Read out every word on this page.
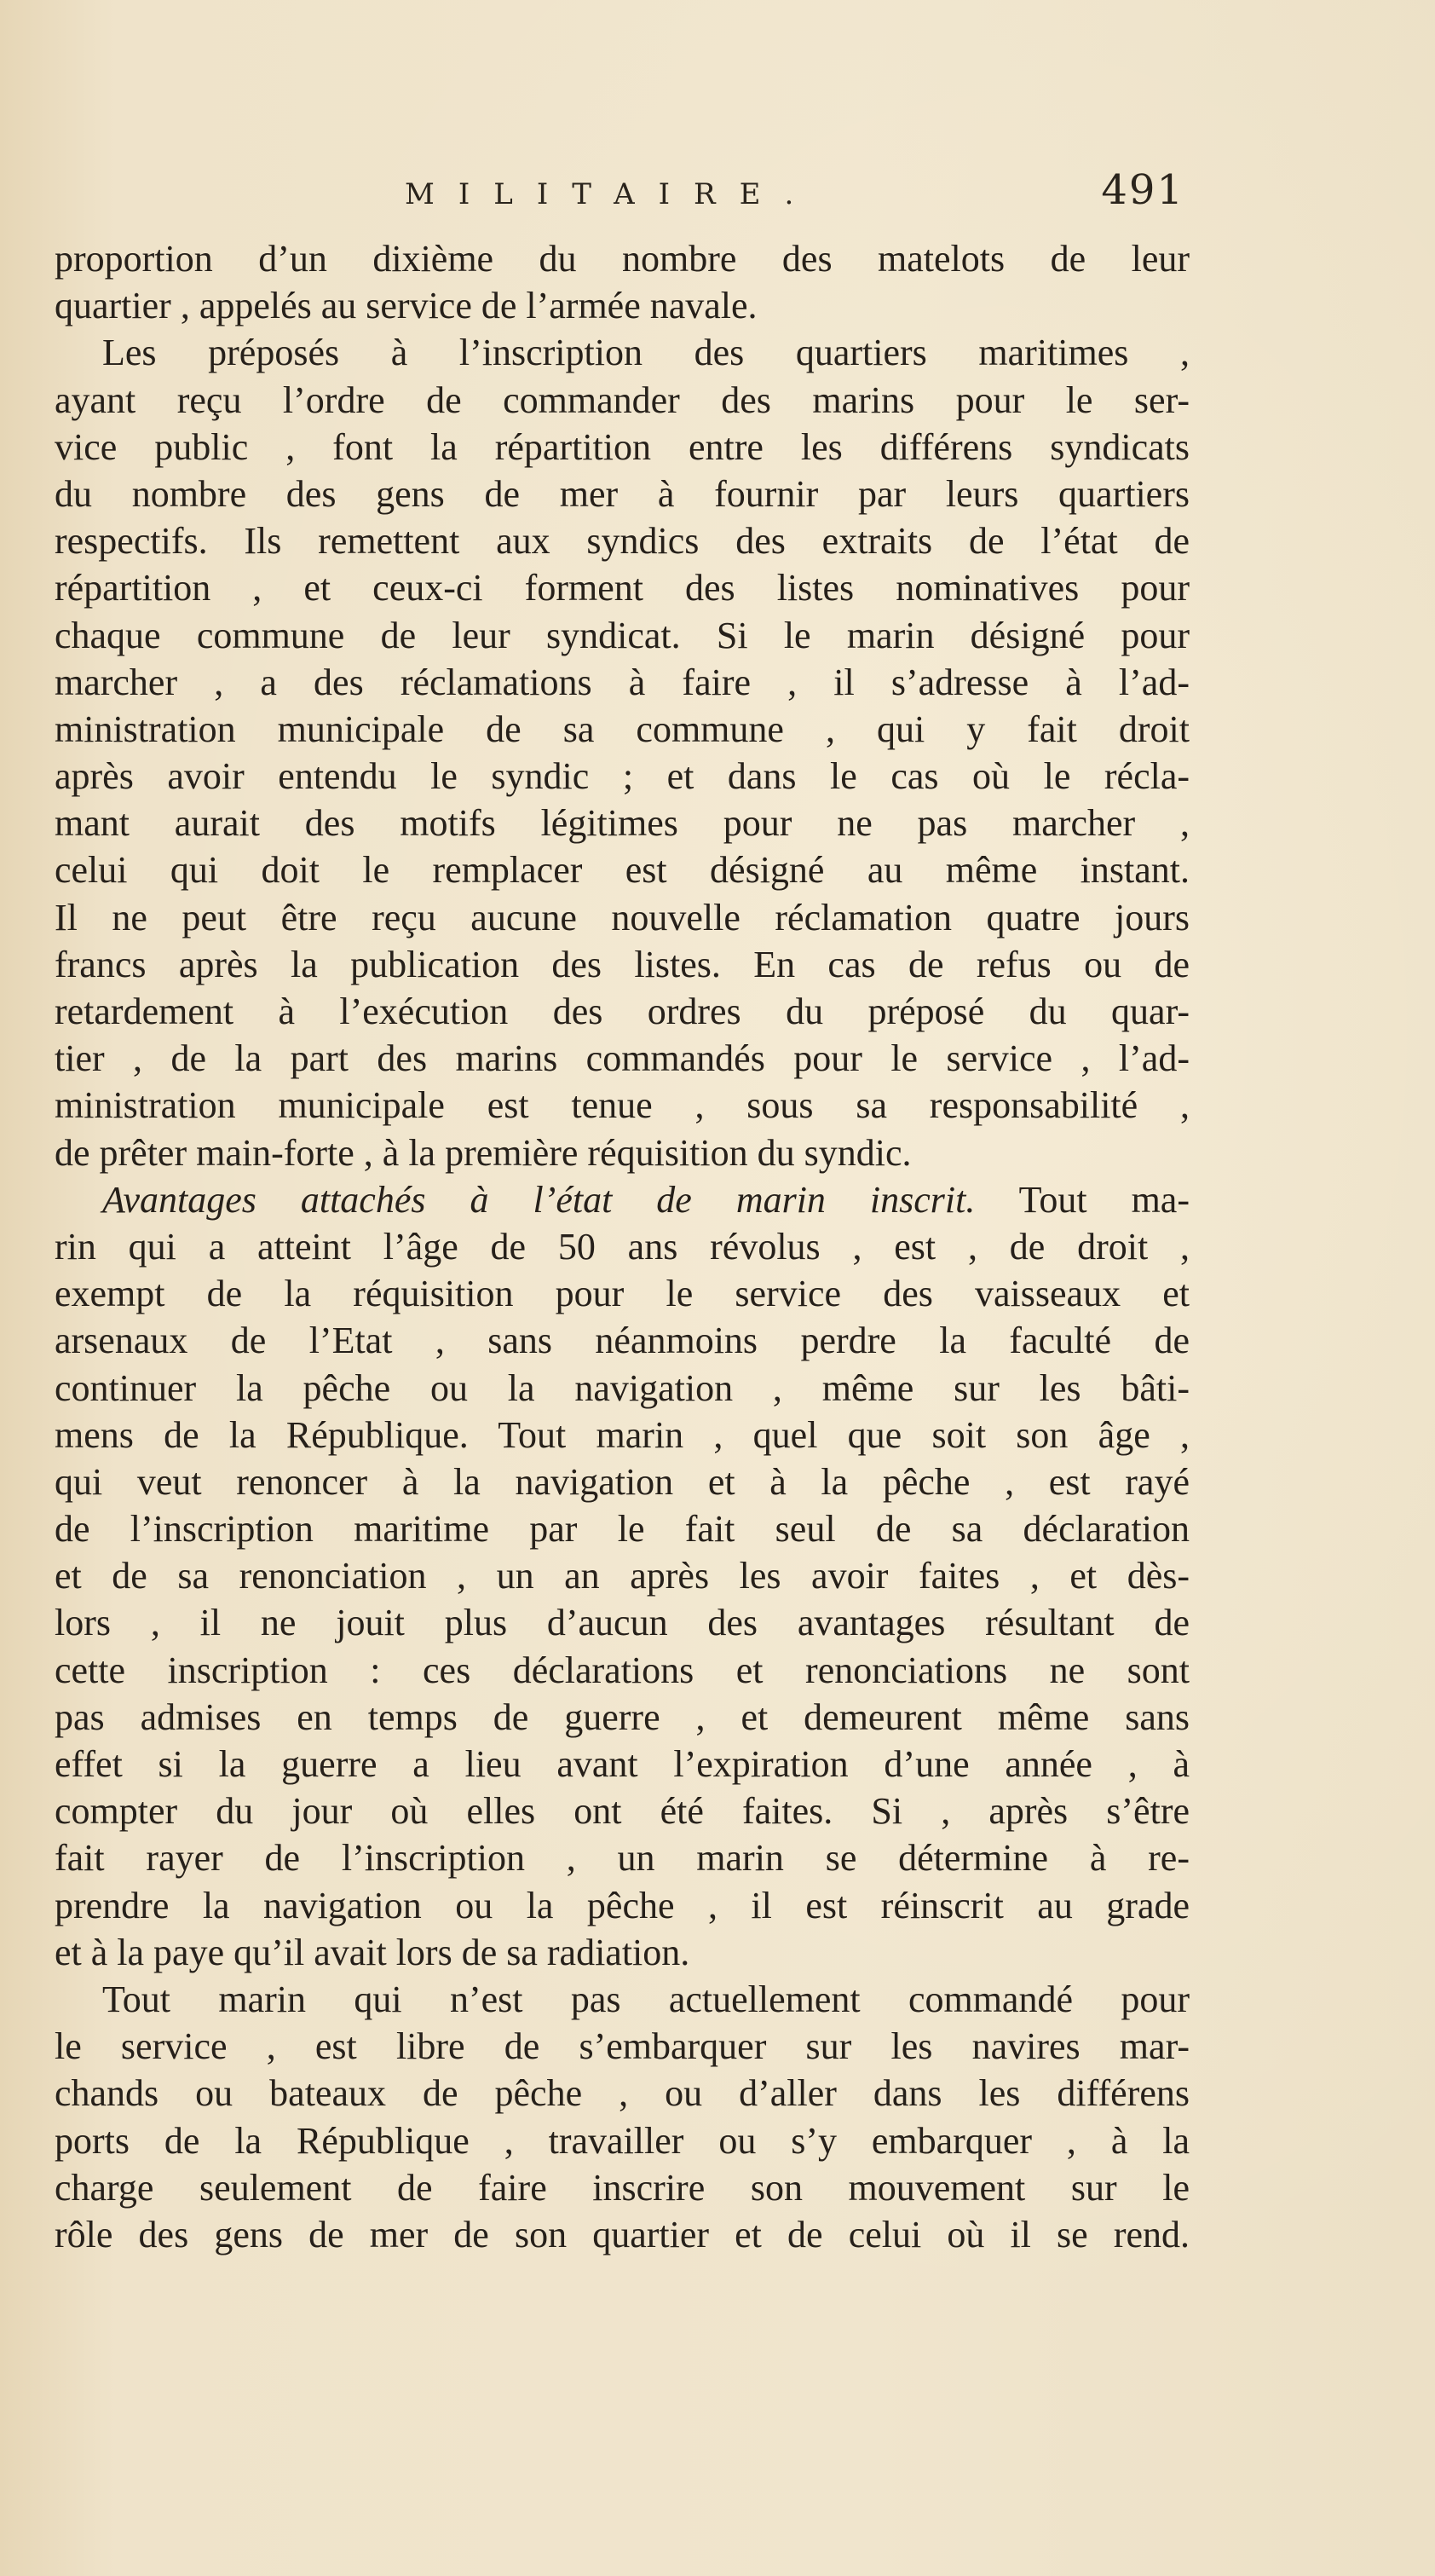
MILITAIRE.	491
proportion d’un dixième du nombre des matelots de leur
quartier , appelés au service de l’armée navale.
Les préposés à l’inscription des quartiers maritimes ,
ayant reçu l’ordre de commander des marins pour le ser-
vice public , font la répartition entre les différens syndicats
du nombre des gens de mer à fournir par leurs quartiers
respectifs. Ils remettent aux syndics des extraits de l’état de
répartition , et ceux-ci forment des listes nominatives pour
chaque commune de leur syndicat. Si le marin désigné pour
marcher , a des réclamations à faire , il s’adresse à l’ad-
ministration municipale de sa commune , qui y fait droit
après avoir entendu le syndic ; et dans le cas où le récla-
mant aurait des motifs légitimes pour ne pas marcher ,
celui qui doit le remplacer est désigné au même instant.
Il ne peut être reçu aucune nouvelle réclamation quatre jours
francs après la publication des listes. En cas de refus ou de
retardement à l’exécution des ordres du préposé du quar-
tier , de la part des marins commandés pour le service , l’ad-
ministration municipale est tenue , sous sa responsabilité ,
de prêter main-forte , à la première réquisition du syndic.
Avantages attachés à l’état de marin inscrit. Tout ma-
rin qui a atteint l’âge de 50 ans révolus , est , de droit ,
exempt de la réquisition pour le service des vaisseaux et
arsenaux de l’Etat , sans néanmoins perdre la faculté de
continuer la pêche ou la navigation , même sur les bâti-
mens de la République. Tout marin , quel que soit son âge ,
qui veut renoncer à la navigation et à la pêche , est rayé
de l’inscription maritime par le fait seul de sa déclaration
et de sa renonciation , un an après les avoir faites , et dès-
lors , il ne jouit plus d’aucun des avantages résultant de
cette inscription : ces déclarations et renonciations ne sont
pas admises en temps de guerre , et demeurent même sans
effet si la guerre a lieu avant l’expiration d’une année , à
compter du jour où elles ont été faites. Si , après s’être
fait rayer de l’inscription , un marin se détermine à re-
prendre la navigation ou la pêche , il est réinscrit au grade
et à la paye qu’il avait lors de sa radiation.
Tout marin qui n’est pas actuellement commandé pour
le service , est libre de s’embarquer sur les navires mar-
chands ou bateaux de pêche , ou d’aller dans les différens
ports de la République , travailler ou s’y embarquer , à la
charge seulement de faire inscrire son mouvement sur le
rôle des gens de mer de son quartier et de celui où il se rend.
